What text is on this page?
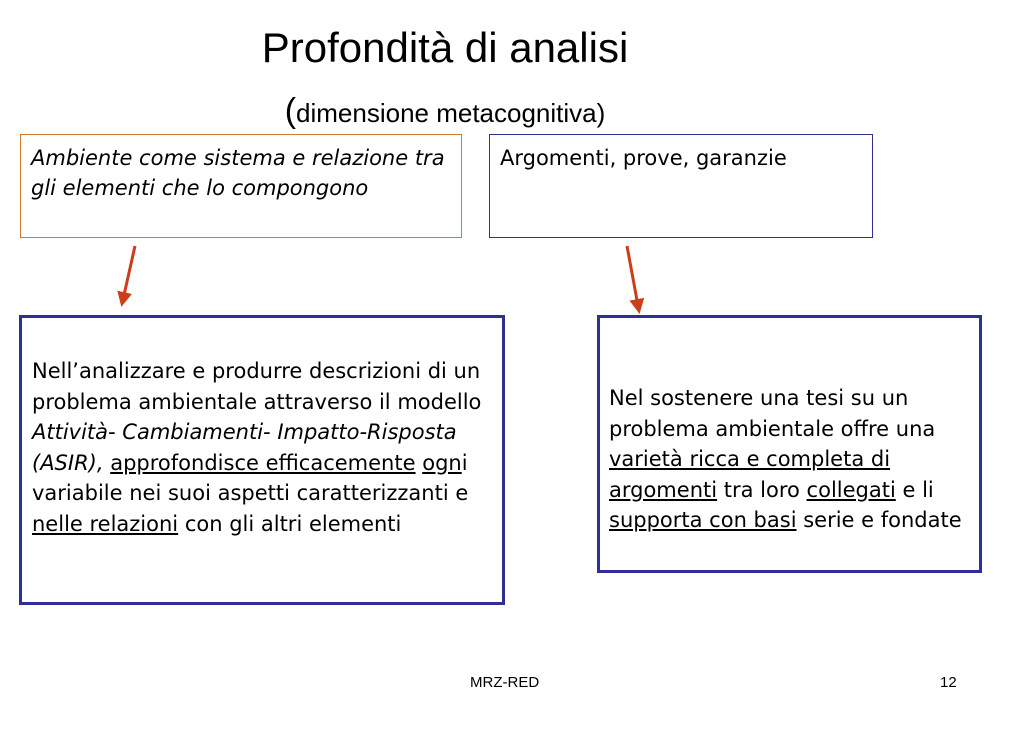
Profondità di analisi
(dimensione metacognitiva)
Ambiente come sistema e relazione tra gli elementi che lo compongono
Argomenti, prove, garanzie
Nell’analizzare e produrre descrizioni di un problema ambientale attraverso il modello Attività- Cambiamenti- Impatto-Risposta (ASIR), approfondisce efficacemente ogni variabile nei suoi aspetti caratterizzanti e nelle relazioni con gli altri elementi
Nel sostenere una tesi su un problema ambientale offre una varietà ricca e completa di argomenti tra loro collegati e li supporta con basi serie e fondate
MRZ-RED	12
